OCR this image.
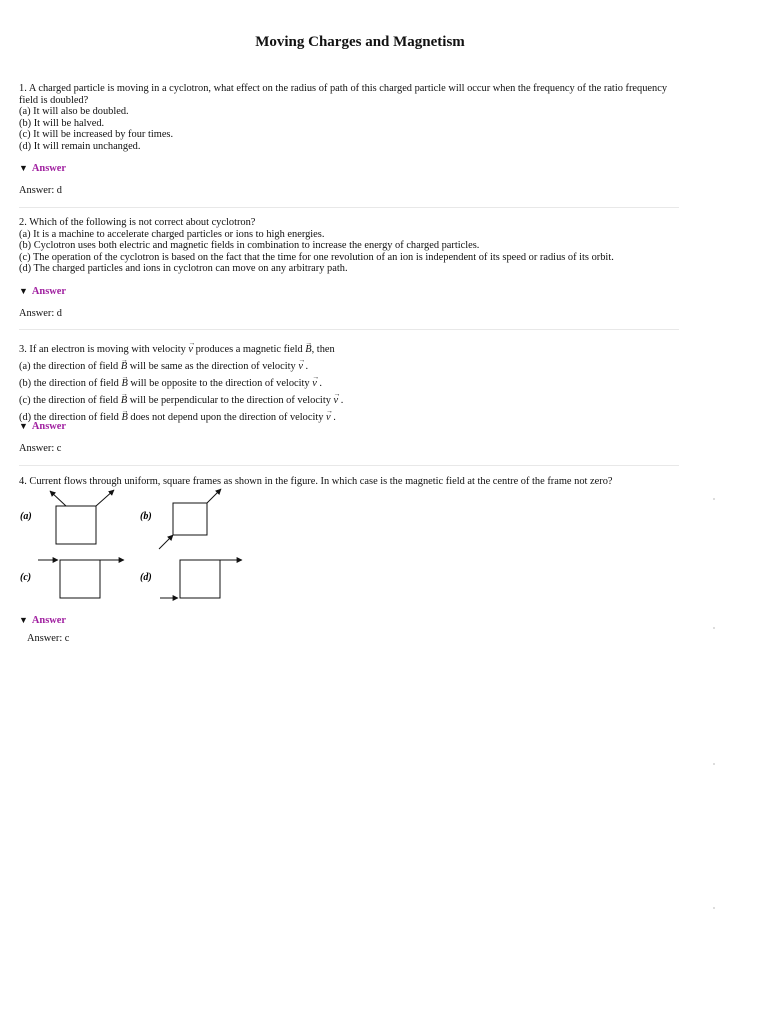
Moving Charges and Magnetism
1. A charged particle is moving in a cyclotron, what effect on the radius of path of this charged particle will occur when the frequency of the ratio frequency field is doubled?
(a) It will also be doubled.
(b) It will be halved.
(c) It will be increased by four times.
(d) It will remain unchanged.
▼ Answer
Answer: d
2. Which of the following is not correct about cyclotron?
(a) It is a machine to accelerate charged particles or ions to high energies.
(b) Cyclotron uses both electric and magnetic fields in combination to increase the energy of charged particles.
(c) The operation of the cyclotron is based on the fact that the time for one revolution of an ion is independent of its speed or radius of its orbit.
(d) The charged particles and ions in cyclotron can move on any arbitrary path.
▼ Answer
Answer: d
3. If an electron is moving with velocity → v produces a magnetic field → B, then
(a) the direction of field → B will be same as the direction of velocity → v .
(b) the direction of field → B will be opposite to the direction of velocity → v .
(c) the direction of field → B will be perpendicular to the direction of velocity → v .
(d) the direction of field → B does not depend upon the direction of velocity → v .
▼ Answer
Answer: c
4. Current flows through uniform, square frames as shown in the figure. In which case is the magnetic field at the centre of the frame not zero?
(a)	(b)
(c)	(d)
▼ Answer
Answer: c
